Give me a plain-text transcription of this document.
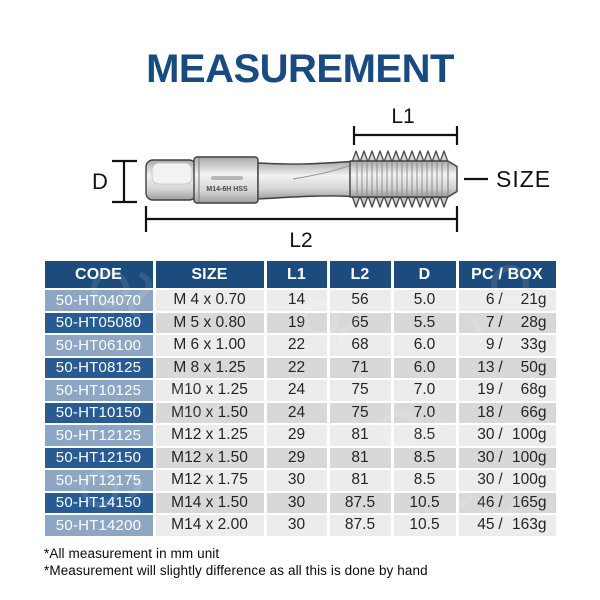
MEASUREMENT
M14-6H HSS
L1
D
L2
SIZE
CODE	SIZE	L1	L2	D	PC / BOX
50-HT04070	M 4 x 0.70	14	56	5.0	6 / 21g
50-HT05080	M 5 x 0.80	19	65	5.5	7 / 28g
50-HT06100	M 6 x 1.00	22	68	6.0	9 / 33g
50-HT08125	M 8 x 1.25	22	71	6.0	13 / 50g
50-HT10125	M10 x 1.25	24	75	7.0	19 / 68g
50-HT10150	M10 x 1.50	24	75	7.0	18 / 66g
50-HT12125	M12 x 1.25	29	81	8.5	30 / 100g
50-HT12150	M12 x 1.50	29	81	8.5	30 / 100g
50-HT12175	M12 x 1.75	30	81	8.5	30 / 100g
50-HT14150	M14 x 1.50	30	87.5	10.5	46 / 165g
50-HT14200	M14 x 2.00	30	87.5	10.5	45 / 163g
*All measurement in mm unit
*Measurement will slightly difference as all this is done by hand
